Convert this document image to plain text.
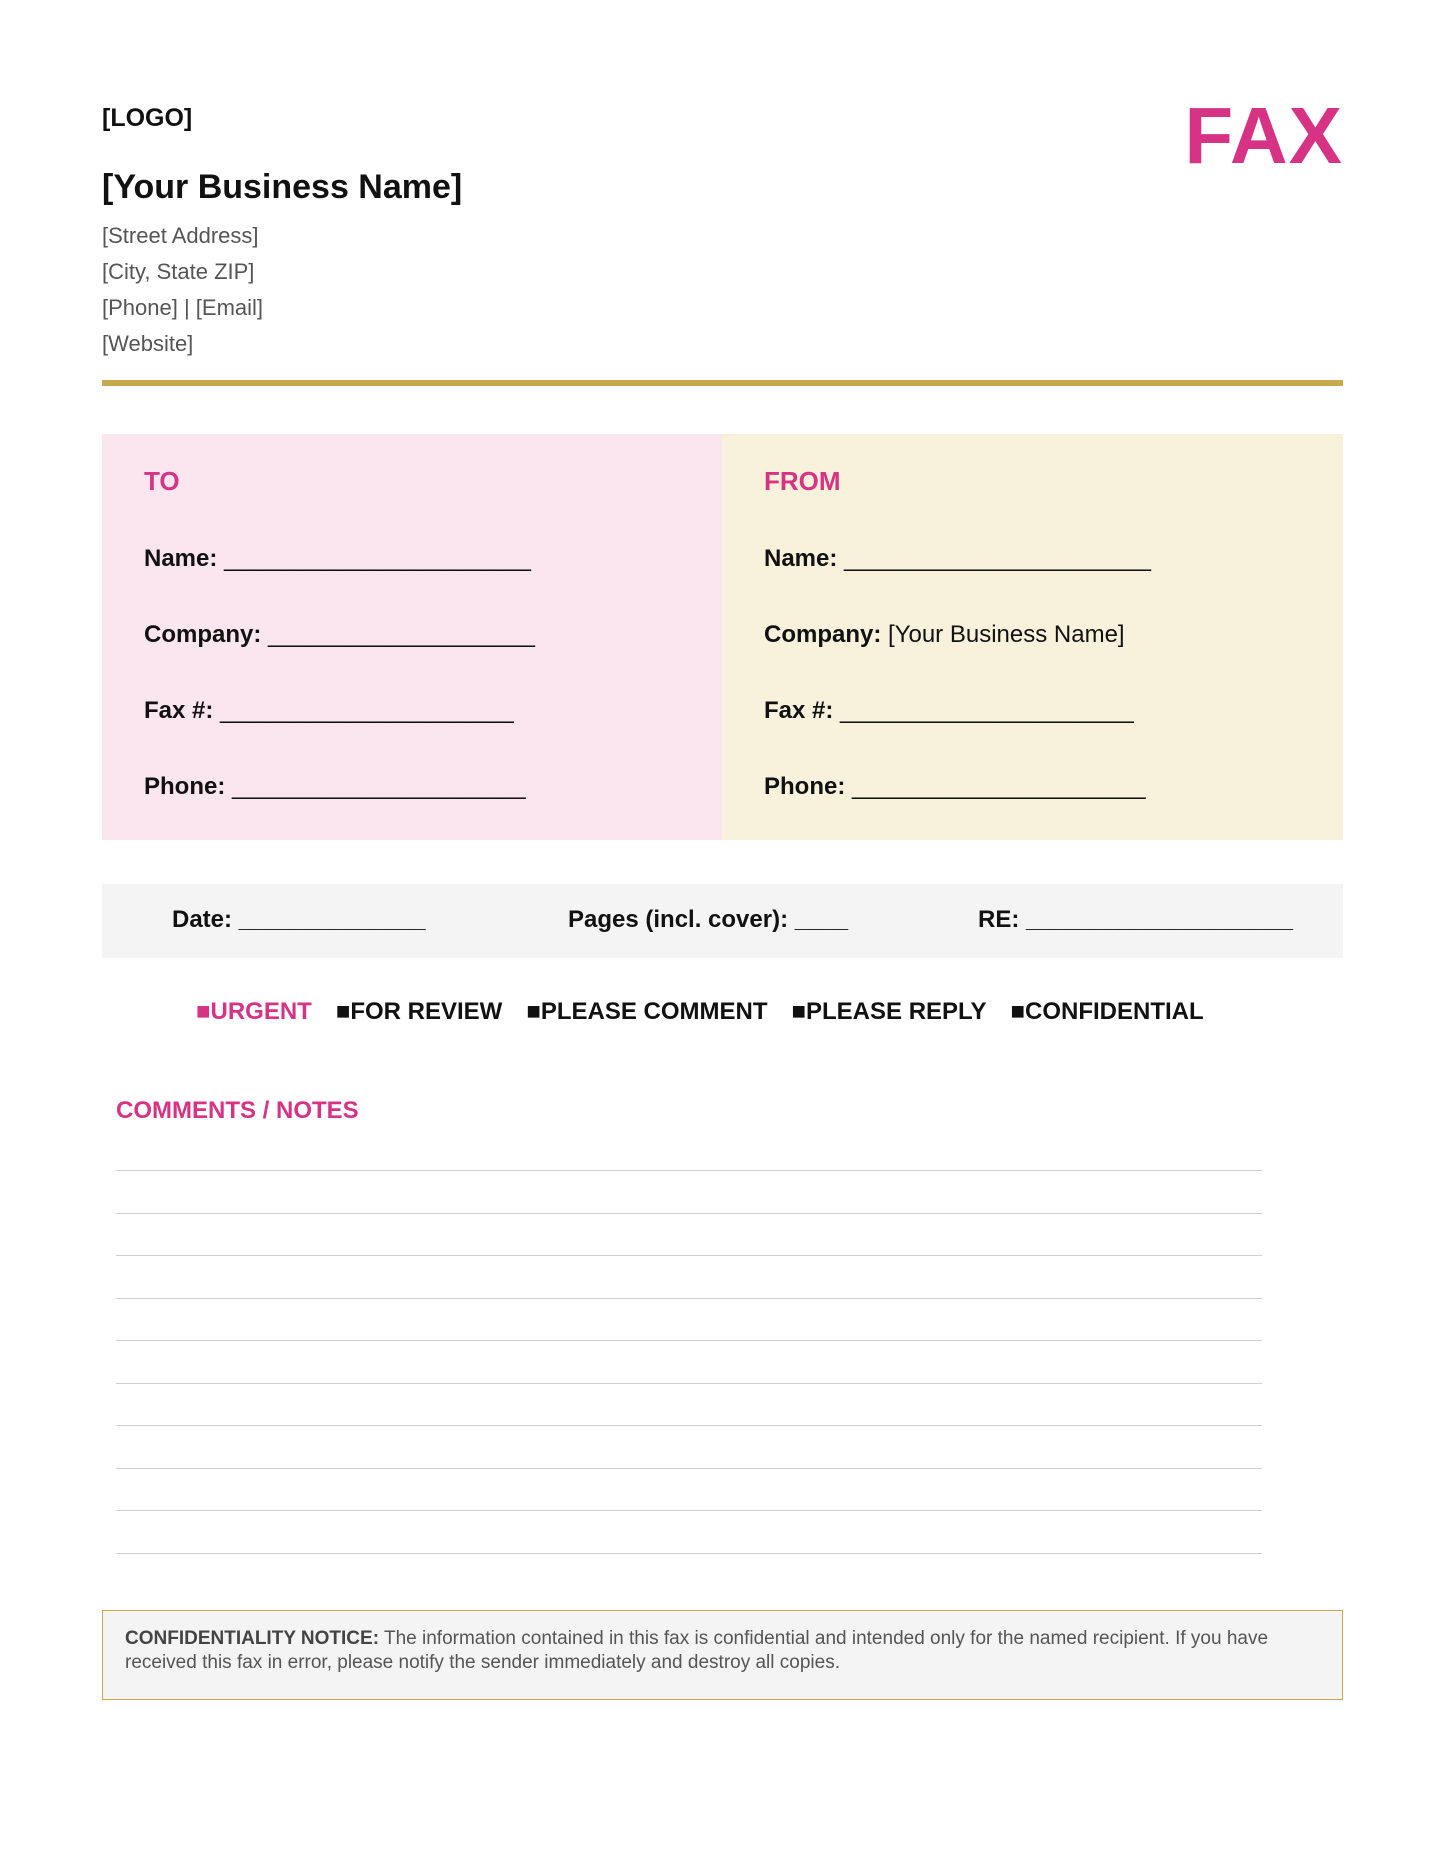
[LOGO]	FAX
[Your Business Name]
[Street Address]
[City, State ZIP]
[Phone] | [Email]
[Website]
TO
Name: _______________________
Company: ____________________
Fax #: ______________________
Phone: ______________________
FROM
Name: _______________________
Company: [Your Business Name]
Fax #: ______________________
Phone: ______________________
Date: ______________	Pages (incl. cover): ____	RE: ____________________
■URGENT ■FOR REVIEW ■PLEASE COMMENT ■PLEASE REPLY ■CONFIDENTIAL
COMMENTS / NOTES
CONFIDENTIALITY NOTICE: The information contained in this fax is confidential and intended only for the named recipient. If you have received this fax in error, please notify the sender immediately and destroy all copies.
